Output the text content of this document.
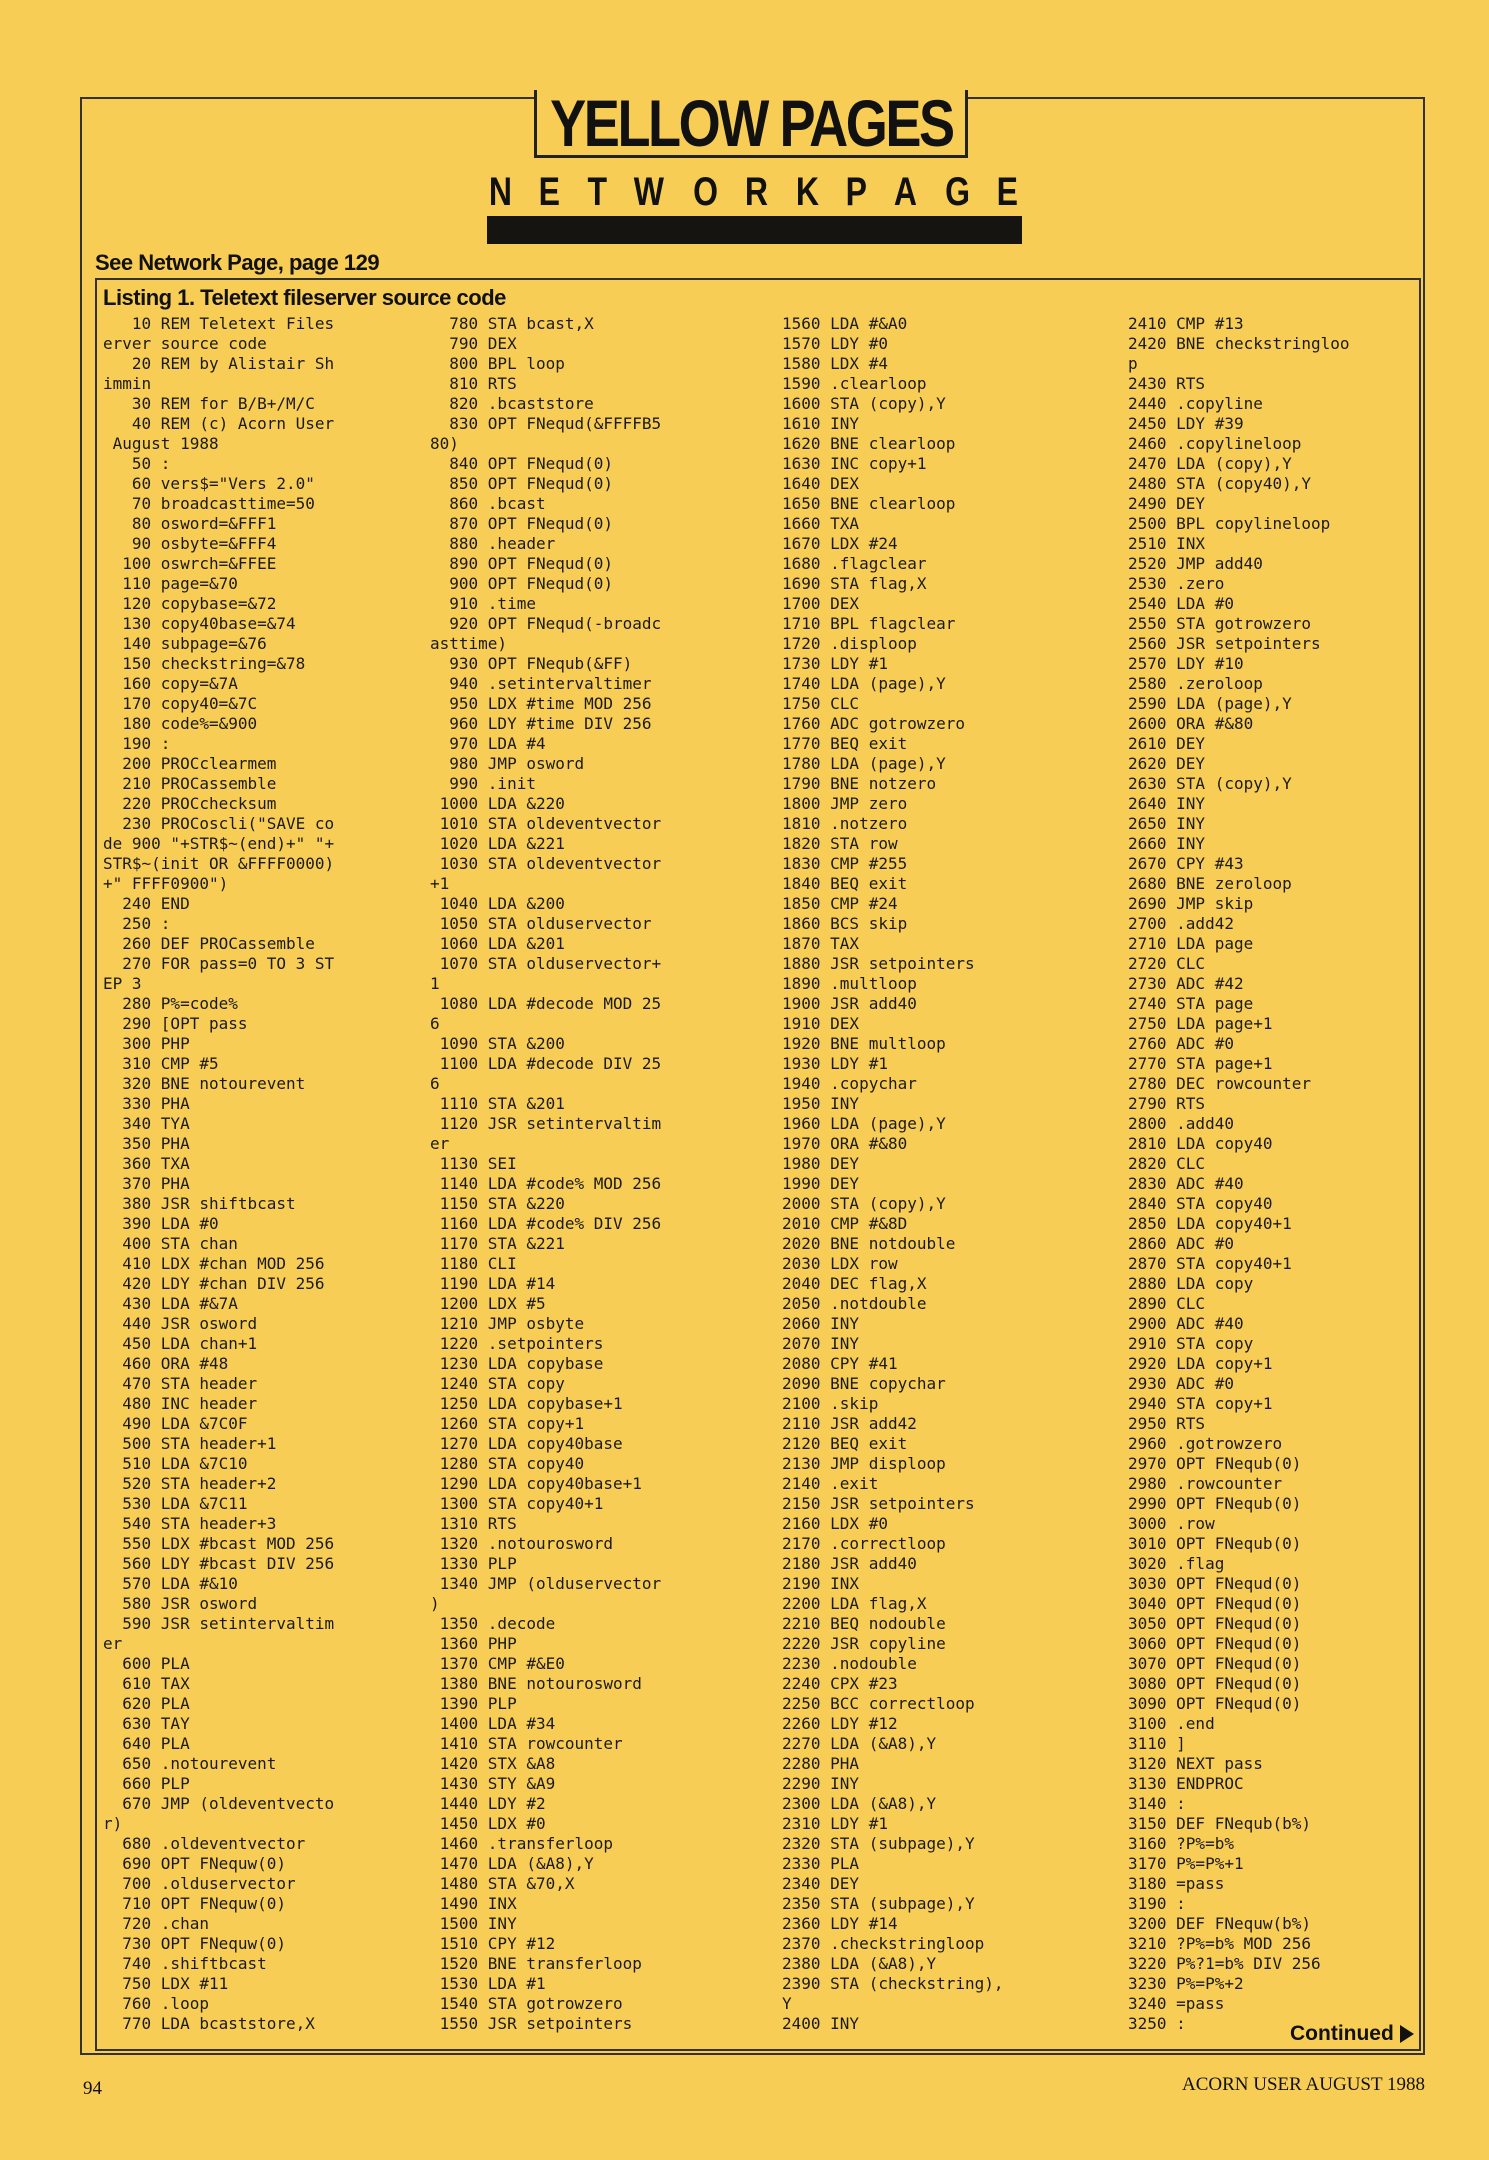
YELLOW PAGES
N E T W O R K P A G E
See Network Page, page 129
Listing 1. Teletext fileserver source code
10 REM Teletext Files
erver source code
20 REM by Alistair Sh
immin
30 REM for B/B+/M/C
40 REM (c) Acorn User
August 1988
50 :
60 vers$="Vers 2.0"
70 broadcasttime=50
80 osword=&FFF1
90 osbyte=&FFF4
100 oswrch=&FFEE
110 page=&70
120 copybase=&72
130 copy40base=&74
140 subpage=&76
150 checkstring=&78
160 copy=&7A
170 copy40=&7C
180 code%=&900
190 :
200 PROCclearmem
210 PROCassemble
220 PROCchecksum
230 PROCoscli("SAVE co
de 900 "+STR$~(end)+" "+
STR$~(init OR &FFFF0000)
+" FFFF0900")
240 END
250 :
260 DEF PROCassemble
270 FOR pass=0 TO 3 ST
EP 3
280 P%=code%
290 [OPT pass
300 PHP
310 CMP #5
320 BNE notourevent
330 PHA
340 TYA
350 PHA
360 TXA
370 PHA
380 JSR shiftbcast
390 LDA #0
400 STA chan
410 LDX #chan MOD 256
420 LDY #chan DIV 256
430 LDA #&7A
440 JSR osword
450 LDA chan+1
460 ORA #48
470 STA header
480 INC header
490 LDA &7C0F
500 STA header+1
510 LDA &7C10
520 STA header+2
530 LDA &7C11
540 STA header+3
550 LDX #bcast MOD 256
560 LDY #bcast DIV 256
570 LDA #&10
580 JSR osword
590 JSR setintervaltim
er
600 PLA
610 TAX
620 PLA
630 TAY
640 PLA
650 .notourevent
660 PLP
670 JMP (oldeventvecto
r)
680 .oldeventvector
690 OPT FNequw(0)
700 .olduservector
710 OPT FNequw(0)
720 .chan
730 OPT FNequw(0)
740 .shiftbcast
750 LDX #11
760 .loop
770 LDA bcaststore,X
780 STA bcast,X
790 DEX
800 BPL loop
810 RTS
820 .bcaststore
830 OPT FNequd(&FFFFB5
80)
840 OPT FNequd(0)
850 OPT FNequd(0)
860 .bcast
870 OPT FNequd(0)
880 .header
890 OPT FNequd(0)
900 OPT FNequd(0)
910 .time
920 OPT FNequd(-broadc
asttime)
930 OPT FNequb(&FF)
940 .setintervaltimer
950 LDX #time MOD 256
960 LDY #time DIV 256
970 LDA #4
980 JMP osword
990 .init
1000 LDA &220
1010 STA oldeventvector
1020 LDA &221
1030 STA oldeventvector
+1
1040 LDA &200
1050 STA olduservector
1060 LDA &201
1070 STA olduservector+
1
1080 LDA #decode MOD 25
6
1090 STA &200
1100 LDA #decode DIV 25
6
1110 STA &201
1120 JSR setintervaltim
er
1130 SEI
1140 LDA #code% MOD 256
1150 STA &220
1160 LDA #code% DIV 256
1170 STA &221
1180 CLI
1190 LDA #14
1200 LDX #5
1210 JMP osbyte
1220 .setpointers
1230 LDA copybase
1240 STA copy
1250 LDA copybase+1
1260 STA copy+1
1270 LDA copy40base
1280 STA copy40
1290 LDA copy40base+1
1300 STA copy40+1
1310 RTS
1320 .notourosword
1330 PLP
1340 JMP (olduservector
)
1350 .decode
1360 PHP
1370 CMP #&E0
1380 BNE notourosword
1390 PLP
1400 LDA #34
1410 STA rowcounter
1420 STX &A8
1430 STY &A9
1440 LDY #2
1450 LDX #0
1460 .transferloop
1470 LDA (&A8),Y
1480 STA &70,X
1490 INX
1500 INY
1510 CPY #12
1520 BNE transferloop
1530 LDA #1
1540 STA gotrowzero
1550 JSR setpointers
1560 LDA #&A0
1570 LDY #0
1580 LDX #4
1590 .clearloop
1600 STA (copy),Y
1610 INY
1620 BNE clearloop
1630 INC copy+1
1640 DEX
1650 BNE clearloop
1660 TXA
1670 LDX #24
1680 .flagclear
1690 STA flag,X
1700 DEX
1710 BPL flagclear
1720 .disploop
1730 LDY #1
1740 LDA (page),Y
1750 CLC
1760 ADC gotrowzero
1770 BEQ exit
1780 LDA (page),Y
1790 BNE notzero
1800 JMP zero
1810 .notzero
1820 STA row
1830 CMP #255
1840 BEQ exit
1850 CMP #24
1860 BCS skip
1870 TAX
1880 JSR setpointers
1890 .multloop
1900 JSR add40
1910 DEX
1920 BNE multloop
1930 LDY #1
1940 .copychar
1950 INY
1960 LDA (page),Y
1970 ORA #&80
1980 DEY
1990 DEY
2000 STA (copy),Y
2010 CMP #&8D
2020 BNE notdouble
2030 LDX row
2040 DEC flag,X
2050 .notdouble
2060 INY
2070 INY
2080 CPY #41
2090 BNE copychar
2100 .skip
2110 JSR add42
2120 BEQ exit
2130 JMP disploop
2140 .exit
2150 JSR setpointers
2160 LDX #0
2170 .correctloop
2180 JSR add40
2190 INX
2200 LDA flag,X
2210 BEQ nodouble
2220 JSR copyline
2230 .nodouble
2240 CPX #23
2250 BCC correctloop
2260 LDY #12
2270 LDA (&A8),Y
2280 PHA
2290 INY
2300 LDA (&A8),Y
2310 LDY #1
2320 STA (subpage),Y
2330 PLA
2340 DEY
2350 STA (subpage),Y
2360 LDY #14
2370 .checkstringloop
2380 LDA (&A8),Y
2390 STA (checkstring),
Y
2400 INY
2410 CMP #13
2420 BNE checkstringloo
p
2430 RTS
2440 .copyline
2450 LDY #39
2460 .copylineloop
2470 LDA (copy),Y
2480 STA (copy40),Y
2490 DEY
2500 BPL copylineloop
2510 INX
2520 JMP add40
2530 .zero
2540 LDA #0
2550 STA gotrowzero
2560 JSR setpointers
2570 LDY #10
2580 .zeroloop
2590 LDA (page),Y
2600 ORA #&80
2610 DEY
2620 DEY
2630 STA (copy),Y
2640 INY
2650 INY
2660 INY
2670 CPY #43
2680 BNE zeroloop
2690 JMP skip
2700 .add42
2710 LDA page
2720 CLC
2730 ADC #42
2740 STA page
2750 LDA page+1
2760 ADC #0
2770 STA page+1
2780 DEC rowcounter
2790 RTS
2800 .add40
2810 LDA copy40
2820 CLC
2830 ADC #40
2840 STA copy40
2850 LDA copy40+1
2860 ADC #0
2870 STA copy40+1
2880 LDA copy
2890 CLC
2900 ADC #40
2910 STA copy
2920 LDA copy+1
2930 ADC #0
2940 STA copy+1
2950 RTS
2960 .gotrowzero
2970 OPT FNequb(0)
2980 .rowcounter
2990 OPT FNequb(0)
3000 .row
3010 OPT FNequb(0)
3020 .flag
3030 OPT FNequd(0)
3040 OPT FNequd(0)
3050 OPT FNequd(0)
3060 OPT FNequd(0)
3070 OPT FNequd(0)
3080 OPT FNequd(0)
3090 OPT FNequd(0)
3100 .end
3110 ]
3120 NEXT pass
3130 ENDPROC
3140 :
3150 DEF FNequb(b%)
3160 ?P%=b%
3170 P%=P%+1
3180 =pass
3190 :
3200 DEF FNequw(b%)
3210 ?P%=b% MOD 256
3220 P%?1=b% DIV 256
3230 P%=P%+2
3240 =pass
3250 :	Continued
94	ACORN USER AUGUST 1988
